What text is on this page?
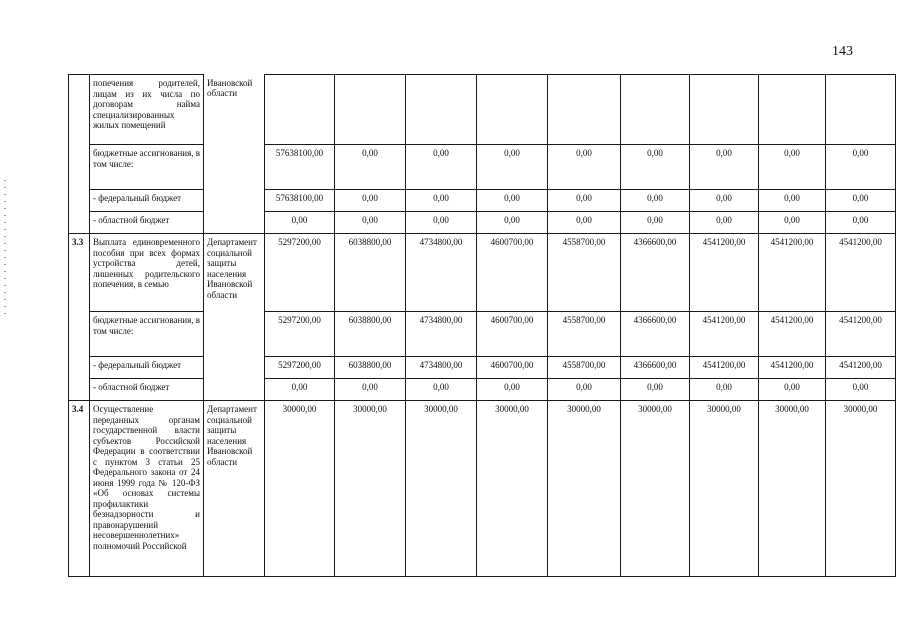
143
	попечения родителей, лицам из их числа по договорам найма специализированных жилых помещений	Ивановской области									
	бюджетные ассигнования, в том числе:		57638100,00	0,00	0,00	0,00	0,00	0,00	0,00	0,00	0,00
	- федеральный бюджет		57638100,00	0,00	0,00	0,00	0,00	0,00	0,00	0,00	0,00
	- областной бюджет		0,00	0,00	0,00	0,00	0,00	0,00	0,00	0,00	0,00
3.3	Выплата единовременного пособия при всех формах устройства детей, лишенных родительского попечения, в семью	Департамент социальной защиты населения Ивановской области	5297200,00	6038800,00	4734800,00	4600700,00	4558700,00	4366600,00	4541200,00	4541200,00	4541200,00
	бюджетные ассигнования, в том числе:		5297200,00	6038800,00	4734800,00	4600700,00	4558700,00	4366600,00	4541200,00	4541200,00	4541200,00
	- федеральный бюджет		5297200,00	6038800,00	4734800,00	4600700,00	4558700,00	4366600,00	4541200,00	4541200,00	4541200,00
	- областной бюджет		0,00	0,00	0,00	0,00	0,00	0,00	0,00	0,00	0,00
3.4	Осуществление переданных органам государственной власти субъектов Российской Федерации в соответствии с пунктом 3 статьи 25 Федерального закона от 24 июня 1999 года № 120-ФЗ «Об основах системы профилактики безнадзорности и правонарушений несовершеннолетних» полномочий Российской	Департамент социальной защиты населения Ивановской области	30000,00	30000,00	30000,00	30000,00	30000,00	30000,00	30000,00	30000,00	30000,00
